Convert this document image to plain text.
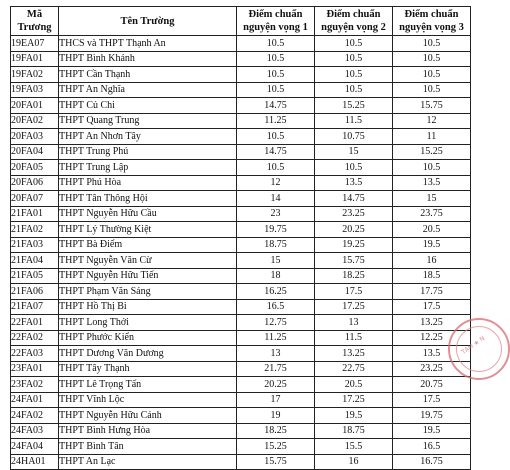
Mã Trương	Tên Trường	Điểm chuẩn nguyện vọng 1	Điểm chuẩn nguyện vọng 2	Điểm chuẩn nguyện vọng 3
19EA07	THCS và THPT Thạnh An	10.5	10.5	10.5
19FA01	THPT Bình Khánh	10.5	10.5	10.5
19FA02	THPT Cần Thạnh	10.5	10.5	10.5
19FA03	THPT An Nghĩa	10.5	10.5	10.5
20FA01	THPT Củ Chi	14.75	15.25	15.75
20FA02	THPT Quang Trung	11.25	11.5	12
20FA03	THPT An Nhơn Tây	10.5	10.75	11
20FA04	THPT Trung Phú	14.75	15	15.25
20FA05	THPT Trung Lập	10.5	10.5	10.5
20FA06	THPT Phú Hòa	12	13.5	13.5
20FA07	THPT Tân Thông Hội	14	14.75	15
21FA01	THPT Nguyễn Hữu Cầu	23	23.25	23.75
21FA02	THPT Lý Thường Kiệt	19.75	20.25	20.5
21FA03	THPT Bà Điểm	18.75	19.25	19.5
21FA04	THPT Nguyễn Văn Cừ	15	15.75	16
21FA05	THPT Nguyễn Hữu Tiến	18	18.25	18.5
21FA06	THPT Phạm Văn Sáng	16.25	17.5	17.75
21FA07	THPT Hồ Thị Bi	16.5	17.25	17.5
22FA01	THPT Long Thới	12.75	13	13.25
22FA02	THPT Phước Kiển	11.25	11.5	12.25
22FA03	THPT Dương Văn Dương	13	13.25	13.5
23FA01	THPT Tây Thạnh	21.75	22.75	23.25
23FA02	THPT Lê Trọng Tấn	20.25	20.5	20.75
24FA01	THPT Vĩnh Lộc	17	17.25	17.5
24FA02	THPT Nguyễn Hữu Cảnh	19	19.5	19.75
24FA03	THPT Bình Hưng Hòa	18.25	18.75	19.5
24FA04	THPT Bình Tân	15.25	15.5	16.5
24HA01	THPT An Lạc	15.75	16	16.75
TẠM ★ N
